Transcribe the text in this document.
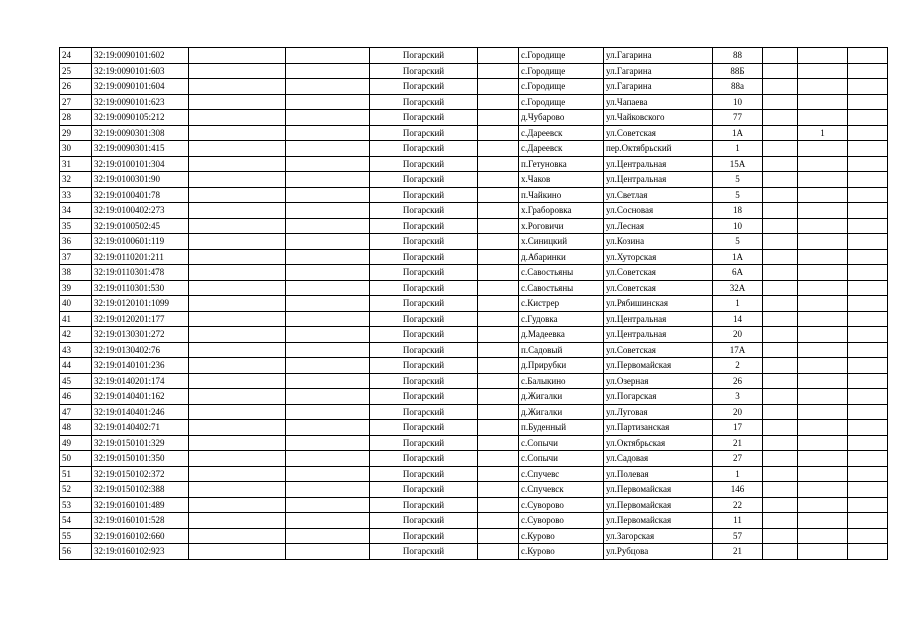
24	32:19:0090101:602			Погарский		с.Городище	ул.Гагарина	88			
25	32:19:0090101:603			Погарский		с.Городище	ул.Гагарина	88Б			
26	32:19:0090101:604			Погарский		с.Городище	ул.Гагарина	88а			
27	32:19:0090101:623			Погарский		с.Городище	ул.Чапаева	10			
28	32:19:0090105:212			Погарский		д.Чубарово	ул.Чайковского	77			
29	32:19:0090301:308			Погарский		с.Дареевск	ул.Советская	1А		1	
30	32:19:0090301:415			Погарский		с.Дареевск	пер.Октябрьский	1			
31	32:19:0100101:304			Погарский		п.Гетуновка	ул.Центральная	15А			
32	32:19:0100301:90			Погарский		х.Чаков	ул.Центральная	5			
33	32:19:0100401:78			Погарский		п.Чайкино	ул.Светлая	5			
34	32:19:0100402:273			Погарский		х.Граборовка	ул.Сосновая	18			
35	32:19:0100502:45			Погарский		х.Роговичи	ул.Лесная	10			
36	32:19:0100601:119			Погарский		х.Синицкий	ул.Козина	5			
37	32:19:0110201:211			Погарский		д.Абаринки	ул.Хуторская	1А			
38	32:19:0110301:478			Погарский		с.Савостьяны	ул.Советская	6А			
39	32:19:0110301:530			Погарский		с.Савостьяны	ул.Советская	32А			
40	32:19:0120101:1099			Погарский		с.Кистрер	ул.Рябишинская	1			
41	32:19:0120201:177			Погарский		с.Гудовка	ул.Центральная	14			
42	32:19:0130301:272			Погарский		д.Мадеевка	ул.Центральная	20			
43	32:19:0130402:76			Погарский		п.Садовый	ул.Советская	17А			
44	32:19:0140101:236			Погарский		д.Прирубки	ул.Первомайская	2			
45	32:19:0140201:174			Погарский		с.Балыкино	ул.Озерная	26			
46	32:19:0140401:162			Погарский		д.Жигалки	ул.Погарская	3			
47	32:19:0140401:246			Погарский		д.Жигалки	ул.Луговая	20			
48	32:19:0140402:71			Погарский		п.Буденный	ул.Партизанская	17			
49	32:19:0150101:329			Погарский		с.Сопычи	ул.Октябрьская	21			
50	32:19:0150101:350			Погарский		с.Сопычи	ул.Садовая	27			
51	32:19:0150102:372			Погарский		с.Спучевс	ул.Полевая	1			
52	32:19:0150102:388			Погарский		с.Спучевск	ул.Первомайская	146			
53	32:19:0160101:489			Погарский		с.Суворово	ул.Первомайская	22			
54	32:19:0160101:528			Погарский		с.Суворово	ул.Первомайская	11			
55	32:19:0160102:660			Погарский		с.Курово	ул.Загорская	57			
56	32:19:0160102:923			Погарский		с.Курово	ул.Рубцова	21			
